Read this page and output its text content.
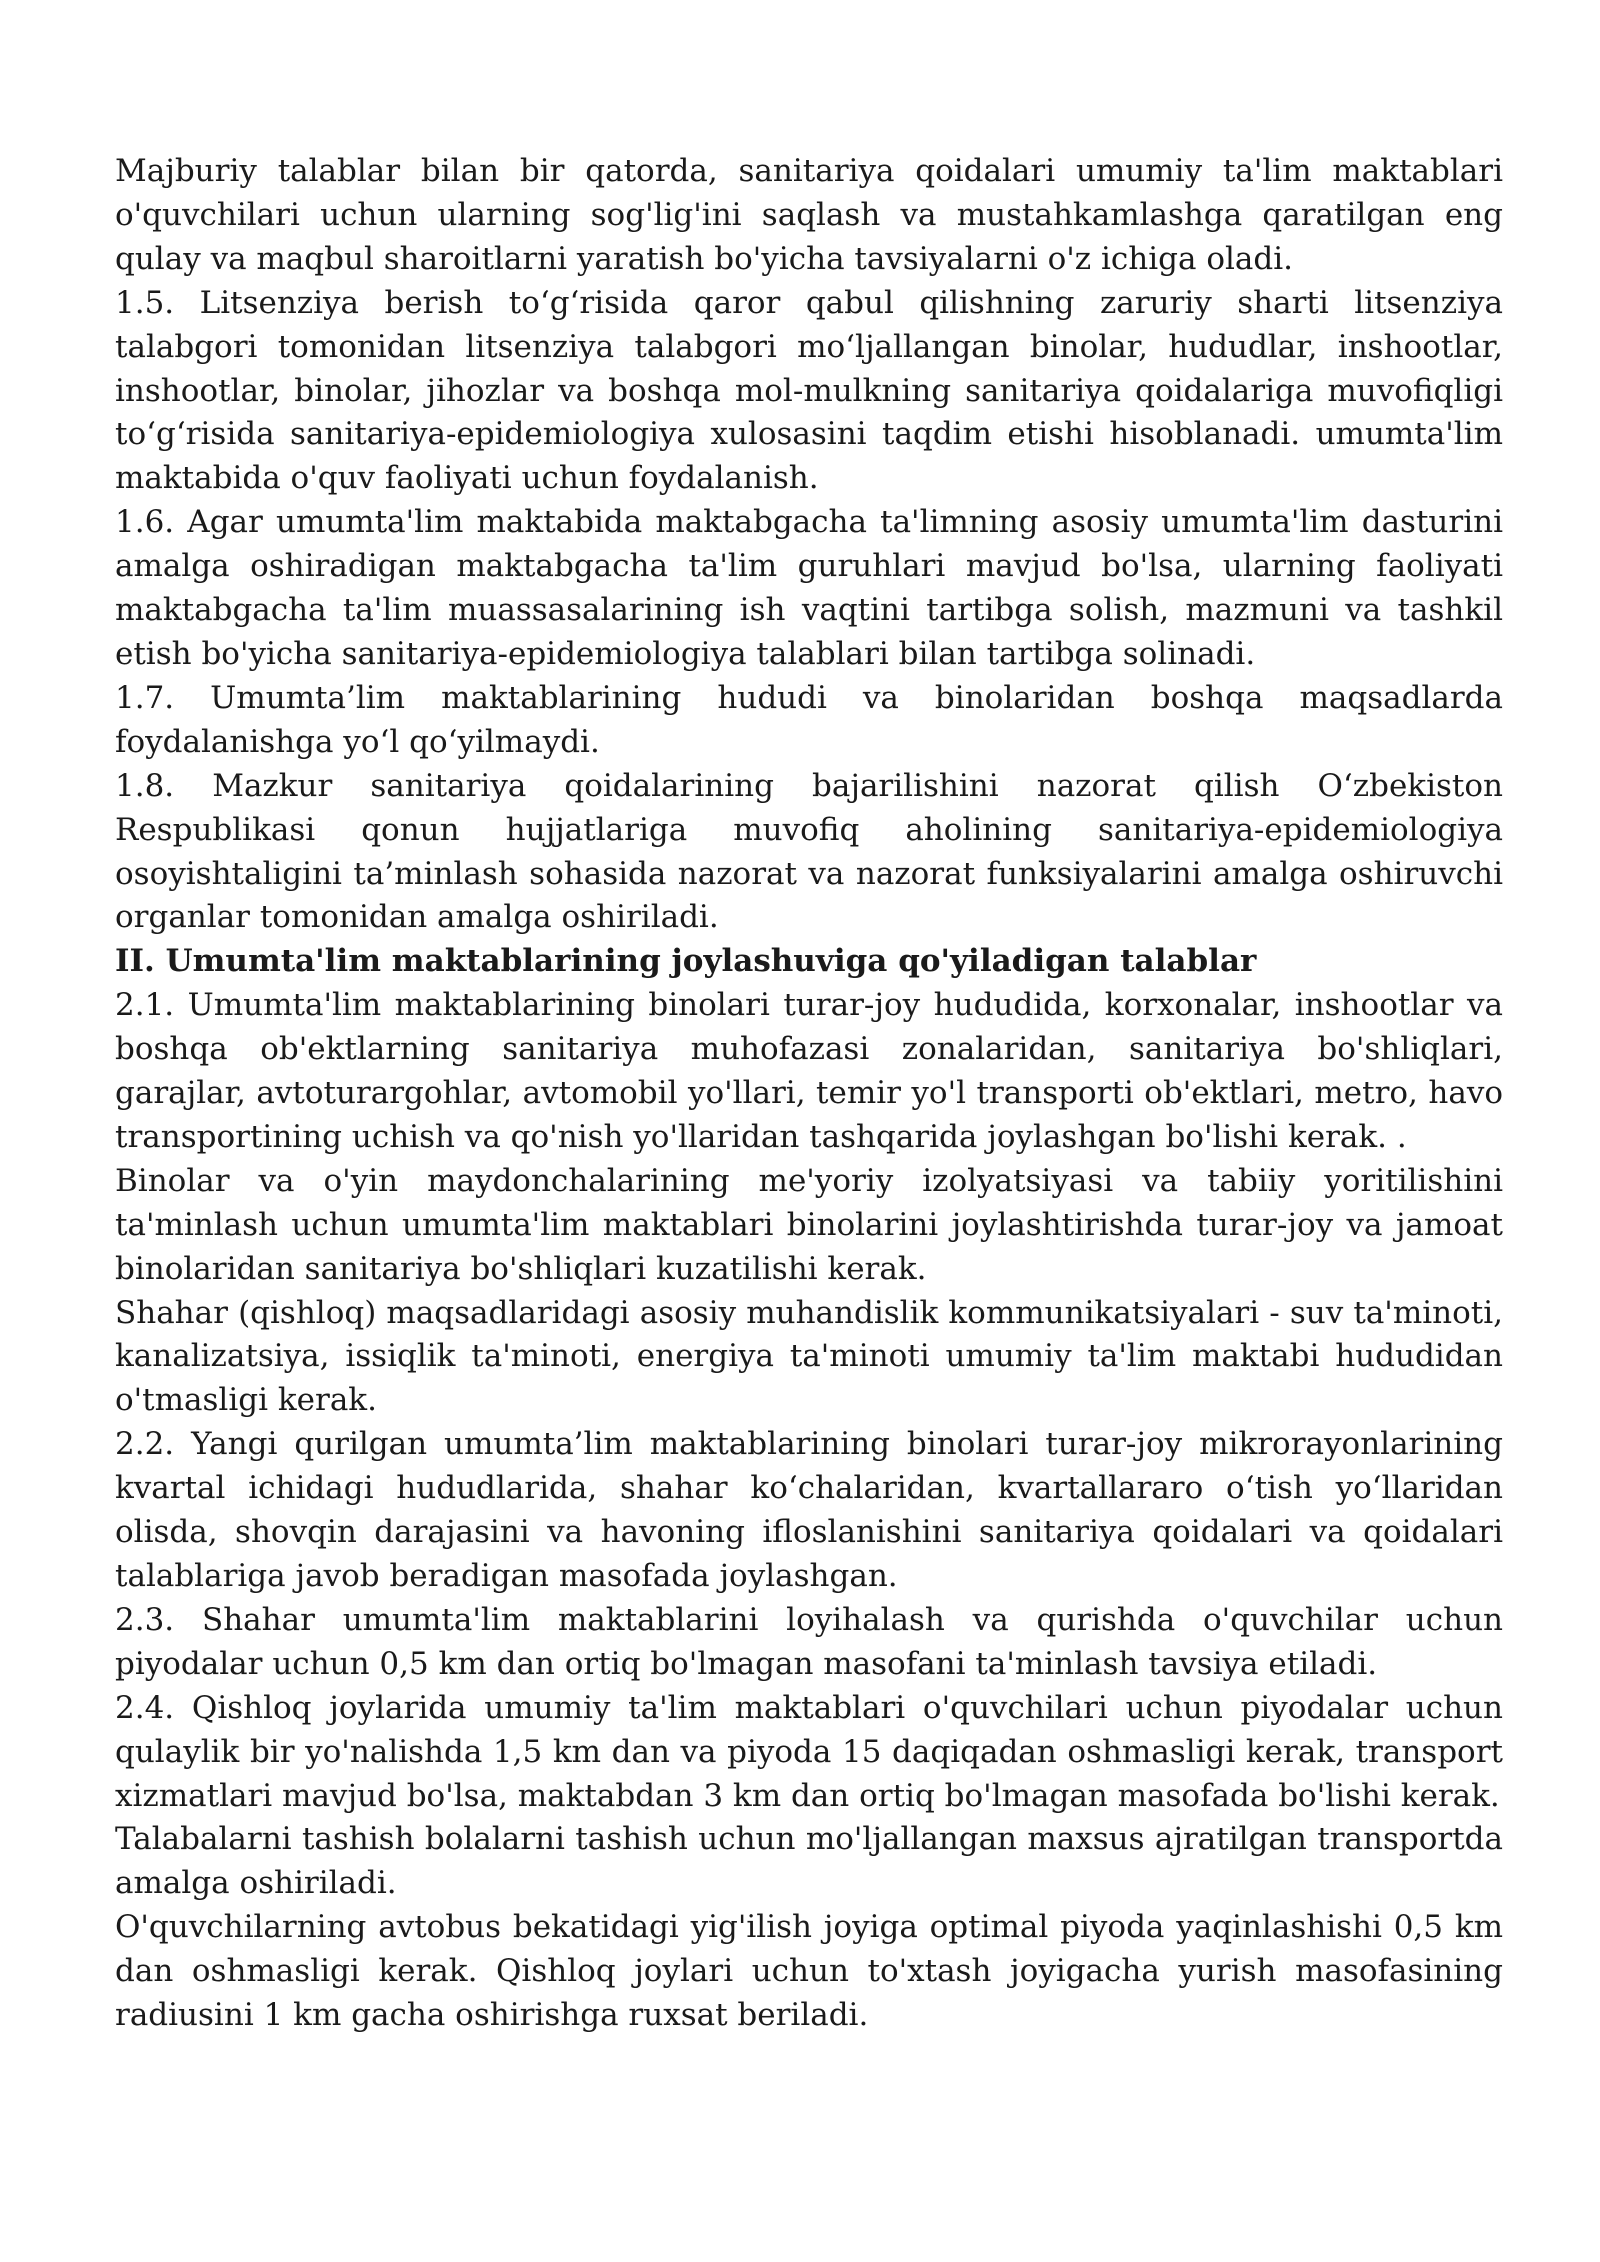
Majburiy talablar bilan bir qatorda, sanitariya qoidalari umumiy ta'lim maktablari o'quvchilari uchun ularning sog'lig'ini saqlash va mustahkamlashga qaratilgan eng qulay va maqbul sharoitlarni yaratish bo'yicha tavsiyalarni o'z ichiga oladi.

1.5. Litsenziya berish to‘g‘risida qaror qabul qilishning zaruriy sharti litsenziya talabgori tomonidan litsenziya talabgori mo‘ljallangan binolar, hududlar, inshootlar, inshootlar, binolar, jihozlar va boshqa mol-mulkning sanitariya qoidalariga muvofiqligi to‘g‘risida sanitariya-epidemiologiya xulosasini taqdim etishi hisoblanadi. umumta'lim maktabida o'quv faoliyati uchun foydalanish.

1.6. Agar umumta'lim maktabida maktabgacha ta'limning asosiy umumta'lim dasturini amalga oshiradigan maktabgacha ta'lim guruhlari mavjud bo'lsa, ularning faoliyati maktabgacha ta'lim muassasalarining ish vaqtini tartibga solish, mazmuni va tashkil etish bo'yicha sanitariya-epidemiologiya talablari bilan tartibga solinadi.

1.7. Umumta’lim maktablarining hududi va binolaridan boshqa maqsadlarda foydalanishga yo‘l qo‘yilmaydi.

1.8. Mazkur sanitariya qoidalarining bajarilishini nazorat qilish O‘zbekiston Respublikasi qonun hujjatlariga muvofiq aholining sanitariya-epidemiologiya osoyishtaligini ta’minlash sohasida nazorat va nazorat funksiyalarini amalga oshiruvchi organlar tomonidan amalga oshiriladi.

II. Umumta'lim maktablarining joylashuviga qo'yiladigan talablar

2.1. Umumta'lim maktablarining binolari turar-joy hududida, korxonalar, inshootlar va boshqa ob'ektlarning sanitariya muhofazasi zonalaridan, sanitariya bo'shliqlari, garajlar, avtoturargohlar, avtomobil yo'llari, temir yo'l transporti ob'ektlari, metro, havo transportining uchish va qo'nish yo'llaridan tashqarida joylashgan bo'lishi kerak. .

Binolar va o'yin maydonchalarining me'yoriy izolyatsiyasi va tabiiy yoritilishini ta'minlash uchun umumta'lim maktablari binolarini joylashtirishda turar-joy va jamoat binolaridan sanitariya bo'shliqlari kuzatilishi kerak.

Shahar (qishloq) maqsadlaridagi asosiy muhandislik kommunikatsiyalari - suv ta'minoti, kanalizatsiya, issiqlik ta'minoti, energiya ta'minoti umumiy ta'lim maktabi hududidan o'tmasligi kerak.

2.2. Yangi qurilgan umumta’lim maktablarining binolari turar-joy mikrorayonlarining kvartal ichidagi hududlarida, shahar ko‘chalaridan, kvartallararo o‘tish yo‘llaridan olisda, shovqin darajasini va havoning ifloslanishini sanitariya qoidalari va qoidalari talablariga javob beradigan masofada joylashgan.

2.3. Shahar umumta'lim maktablarini loyihalash va qurishda o'quvchilar uchun piyodalar uchun 0,5 km dan ortiq bo'lmagan masofani ta'minlash tavsiya etiladi.

2.4. Qishloq joylarida umumiy ta'lim maktablari o'quvchilari uchun piyodalar uchun qulaylik bir yo'nalishda 1,5 km dan va piyoda 15 daqiqadan oshmasligi kerak, transport xizmatlari mavjud bo'lsa, maktabdan 3 km dan ortiq bo'lmagan masofada bo'lishi kerak.

Talabalarni tashish bolalarni tashish uchun mo'ljallangan maxsus ajratilgan transportda amalga oshiriladi.

O'quvchilarning avtobus bekatidagi yig'ilish joyiga optimal piyoda yaqinlashishi 0,5 km dan oshmasligi kerak. Qishloq joylari uchun to'xtash joyigacha yurish masofasining radiusini 1 km gacha oshirishga ruxsat beriladi.
